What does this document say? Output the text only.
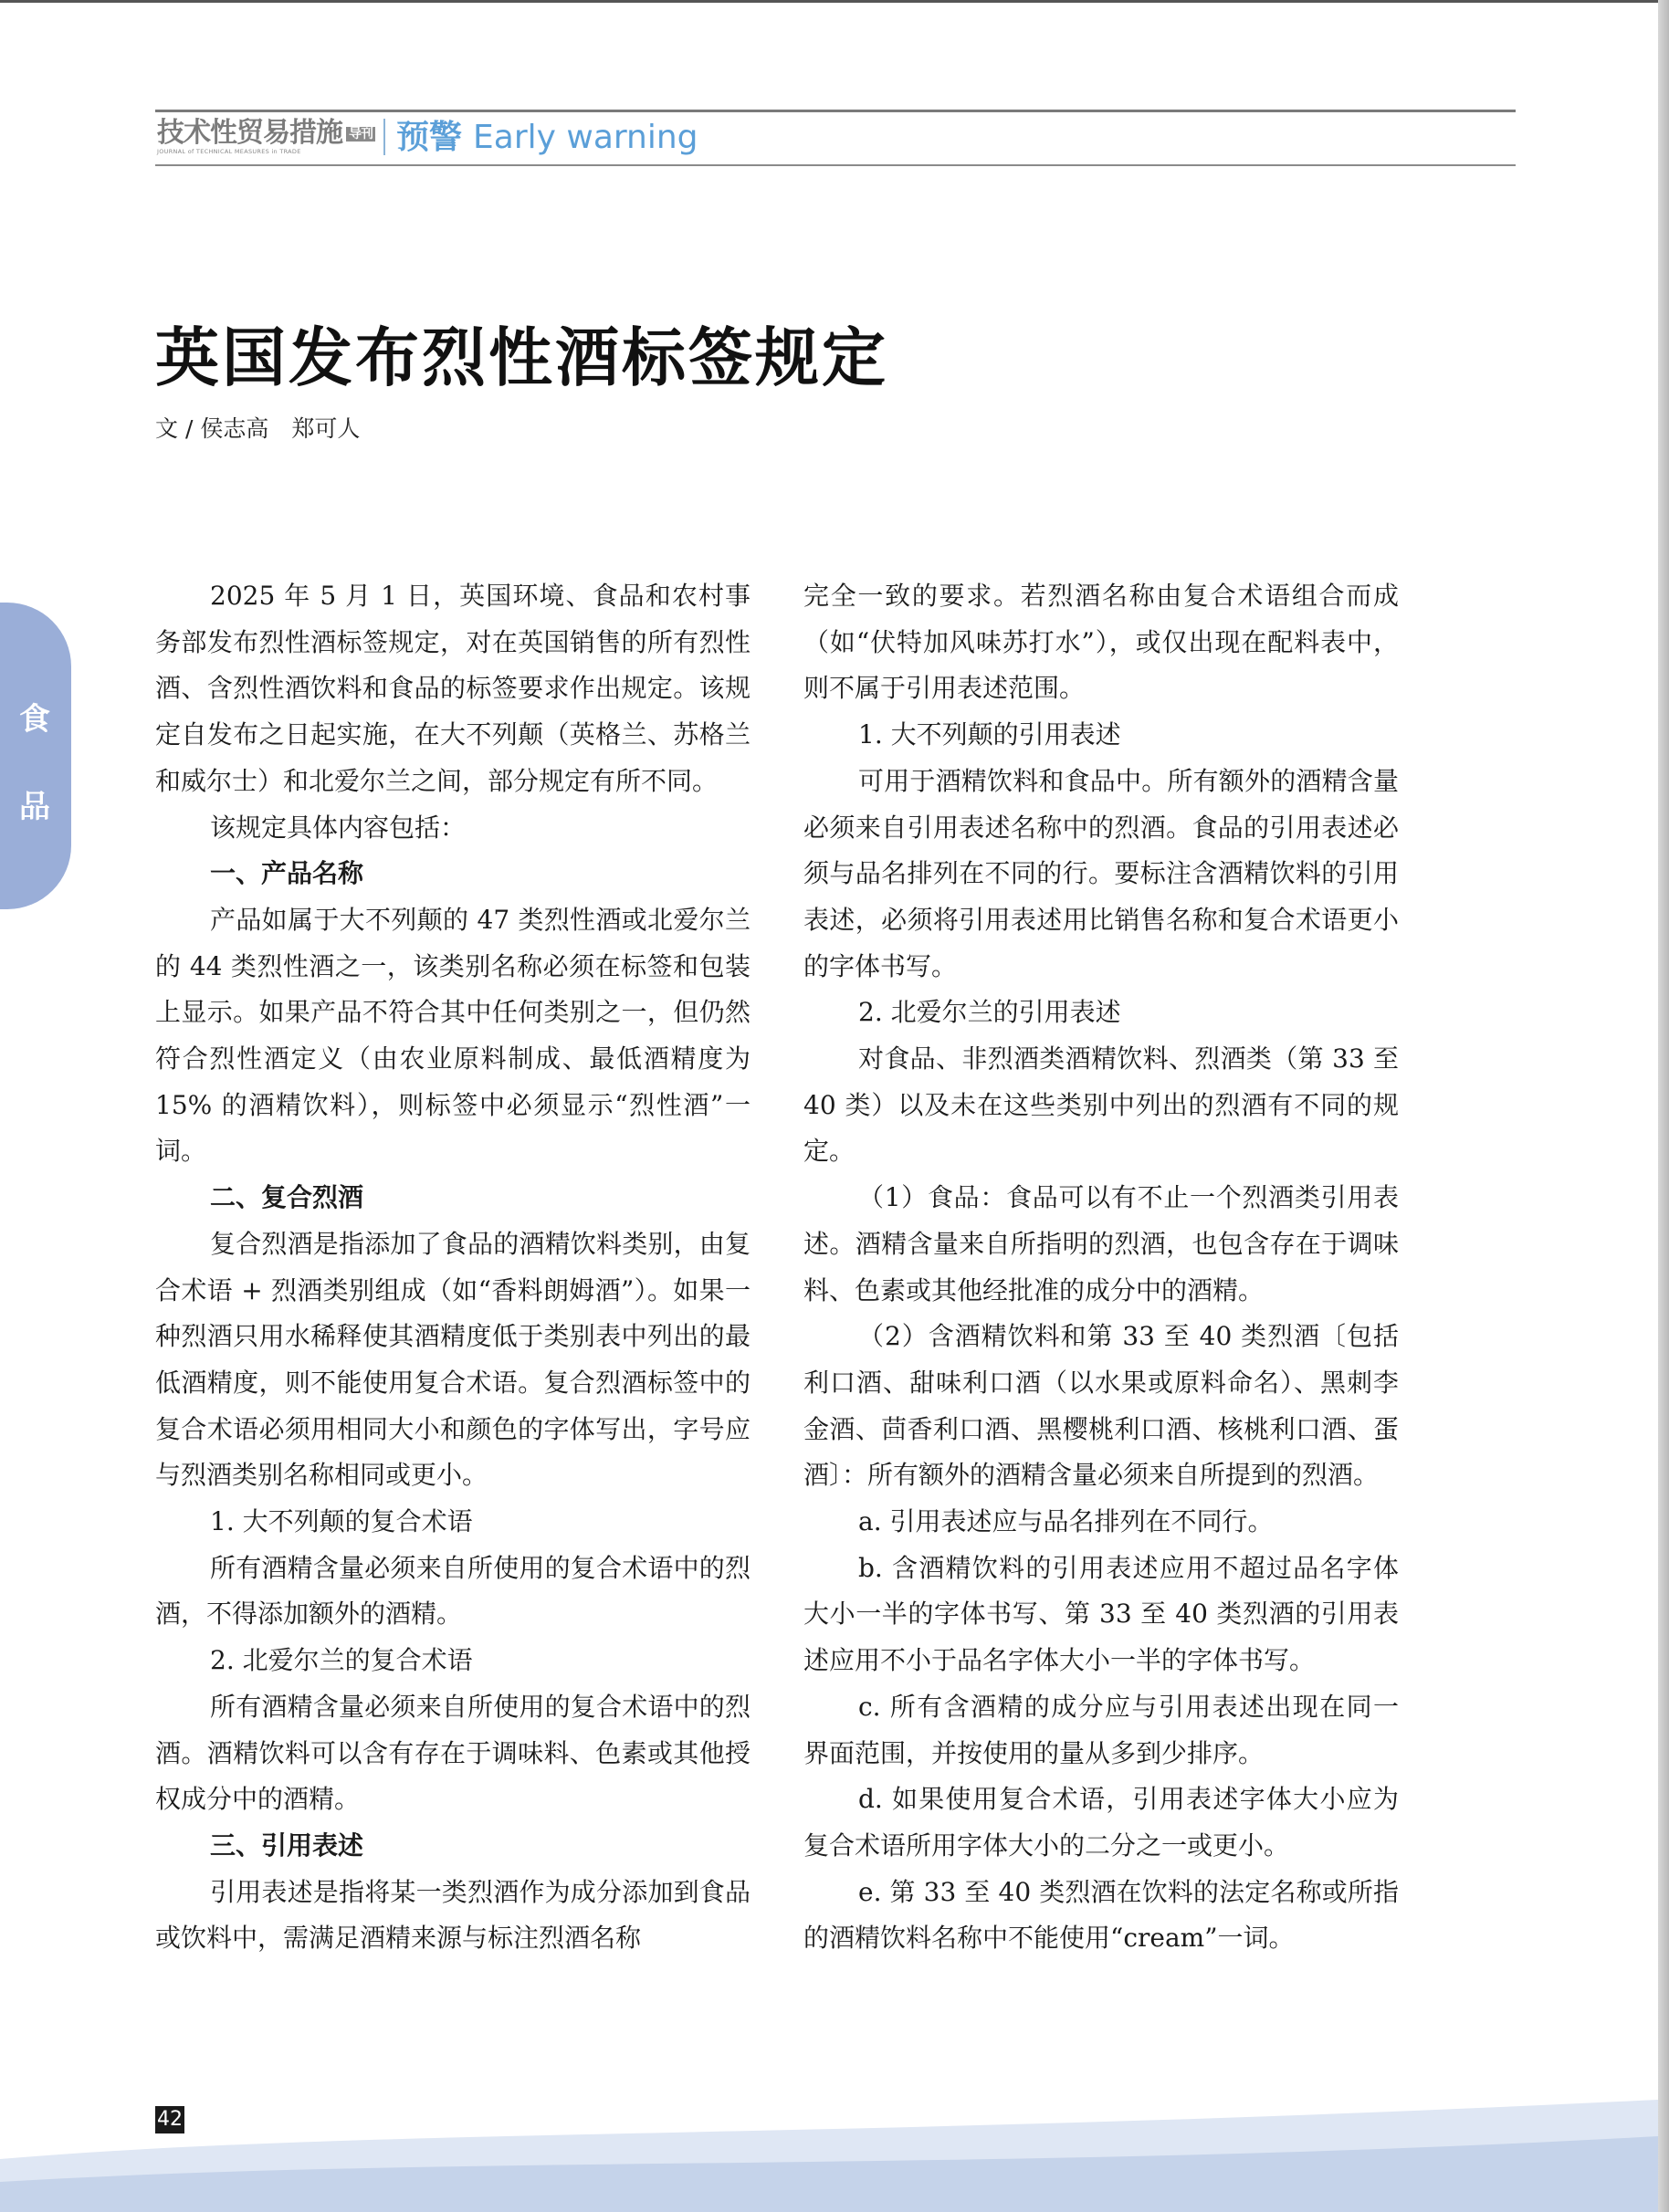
技术性贸易措施 导刊
JOURNAL of TECHNICAL MEASURES in TRADE	预警 Early warning
英国发布烈性酒标签规定
文 / 侯志高　郑可人
食
品

2025 年 5 月 1 日，英国环境、食品和农村事务部发布烈性酒标签规定，对在英国销售的所有烈性酒、含烈性酒饮料和食品的标签要求作出规定。该规定自发布之日起实施，在大不列颠（英格兰、苏格兰和威尔士）和北爱尔兰之间，部分规定有所不同。

该规定具体内容包括：

一、产品名称

产品如属于大不列颠的 47 类烈性酒或北爱尔兰的 44 类烈性酒之一，该类别名称必须在标签和包装上显示。如果产品不符合其中任何类别之一，但仍然符合烈性酒定义（由农业原料制成、最低酒精度为 15% 的酒精饮料），则标签中必须显示“烈性酒”一词。

二、复合烈酒

复合烈酒是指添加了食品的酒精饮料类别，由复合术语 + 烈酒类别组成（如“香料朗姆酒”）。如果一种烈酒只用水稀释使其酒精度低于类别表中列出的最低酒精度，则不能使用复合术语。复合烈酒标签中的复合术语必须用相同大小和颜色的字体写出，字号应与烈酒类别名称相同或更小。

1. 大不列颠的复合术语

所有酒精含量必须来自所使用的复合术语中的烈酒，不得添加额外的酒精。

2. 北爱尔兰的复合术语

所有酒精含量必须来自所使用的复合术语中的烈酒。酒精饮料可以含有存在于调味料、色素或其他授权成分中的酒精。

三、引用表述

引用表述是指将某一类烈酒作为成分添加到食品或饮料中，需满足酒精来源与标注烈酒名称

完全一致的要求。若烈酒名称由复合术语组合而成（如“伏特加风味苏打水”），或仅出现在配料表中，则不属于引用表述范围。

1. 大不列颠的引用表述

可用于酒精饮料和食品中。所有额外的酒精含量必须来自引用表述名称中的烈酒。食品的引用表述必须与品名排列在不同的行。要标注含酒精饮料的引用表述，必须将引用表述用比销售名称和复合术语更小的字体书写。

2. 北爱尔兰的引用表述

对食品、非烈酒类酒精饮料、烈酒类（第 33 至 40 类）以及未在这些类别中列出的烈酒有不同的规定。

（1）食品：食品可以有不止一个烈酒类引用表述。酒精含量来自所指明的烈酒，也包含存在于调味料、色素或其他经批准的成分中的酒精。

（2）含酒精饮料和第 33 至 40 类烈酒〔包括利口酒、甜味利口酒（以水果或原料命名）、黑刺李金酒、茴香利口酒、黑樱桃利口酒、核桃利口酒、蛋酒〕：所有额外的酒精含量必须来自所提到的烈酒。

a. 引用表述应与品名排列在不同行。

b. 含酒精饮料的引用表述应用不超过品名字体大小一半的字体书写、第 33 至 40 类烈酒的引用表述应用不小于品名字体大小一半的字体书写。

c. 所有含酒精的成分应与引用表述出现在同一界面范围，并按使用的量从多到少排序。

d. 如果使用复合术语，引用表述字体大小应为复合术语所用字体大小的二分之一或更小。

e. 第 33 至 40 类烈酒在饮料的法定名称或所指的酒精饮料名称中不能使用“cream”一词。

42
